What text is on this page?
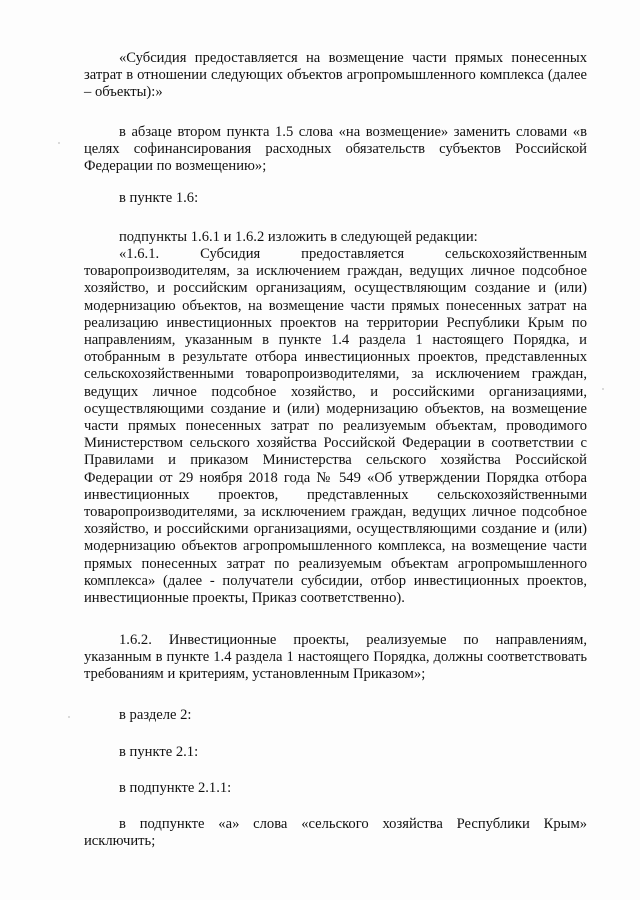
«Субсидия предоставляется на возмещение части прямых понесенных затрат в отношении следующих объектов агропромышленного комплекса (далее – объекты):»

в абзаце втором пункта 1.5 слова «на возмещение» заменить словами «в целях софинансирования расходных обязательств субъектов Российской Федерации по возмещению»;

в пункте 1.6:

подпункты 1.6.1 и 1.6.2 изложить в следующей редакции:

«1.6.1. Субсидия предоставляется сельскохозяйственным товаропроизводителям, за исключением граждан, ведущих личное подсобное хозяйство, и российским организациям, осуществляющим создание и (или) модернизацию объектов, на возмещение части прямых понесенных затрат на реализацию инвестиционных проектов на территории Республики Крым по направлениям, указанным в пункте 1.4 раздела 1 настоящего Порядка, и отобранным в результате отбора инвестиционных проектов, представленных сельскохозяйственными товаропроизводителями, за исключением граждан, ведущих личное подсобное хозяйство, и российскими организациями, осуществляющими создание и (или) модернизацию объектов, на возмещение части прямых понесенных затрат по реализуемым объектам, проводимого Министерством сельского хозяйства Российской Федерации в соответствии с Правилами и приказом Министерства сельского хозяйства Российской Федерации от 29 ноября 2018 года № 549 «Об утверждении Порядка отбора инвестиционных проектов, представленных сельскохозяйственными товаропроизводителями, за исключением граждан, ведущих личное подсобное хозяйство, и российскими организациями, осуществляющими создание и (или) модернизацию объектов агропромышленного комплекса, на возмещение части прямых понесенных затрат по реализуемым объектам агропромышленного комплекса» (далее - получатели субсидии, отбор инвестиционных проектов, инвестиционные проекты, Приказ соответственно).

1.6.2. Инвестиционные проекты, реализуемые по направлениям, указанным в пункте 1.4 раздела 1 настоящего Порядка, должны соответствовать требованиям и критериям, установленным Приказом»;

в разделе 2:

в пункте 2.1:

в подпункте 2.1.1:

в подпункте «а» слова «сельского хозяйства Республики Крым» исключить;
